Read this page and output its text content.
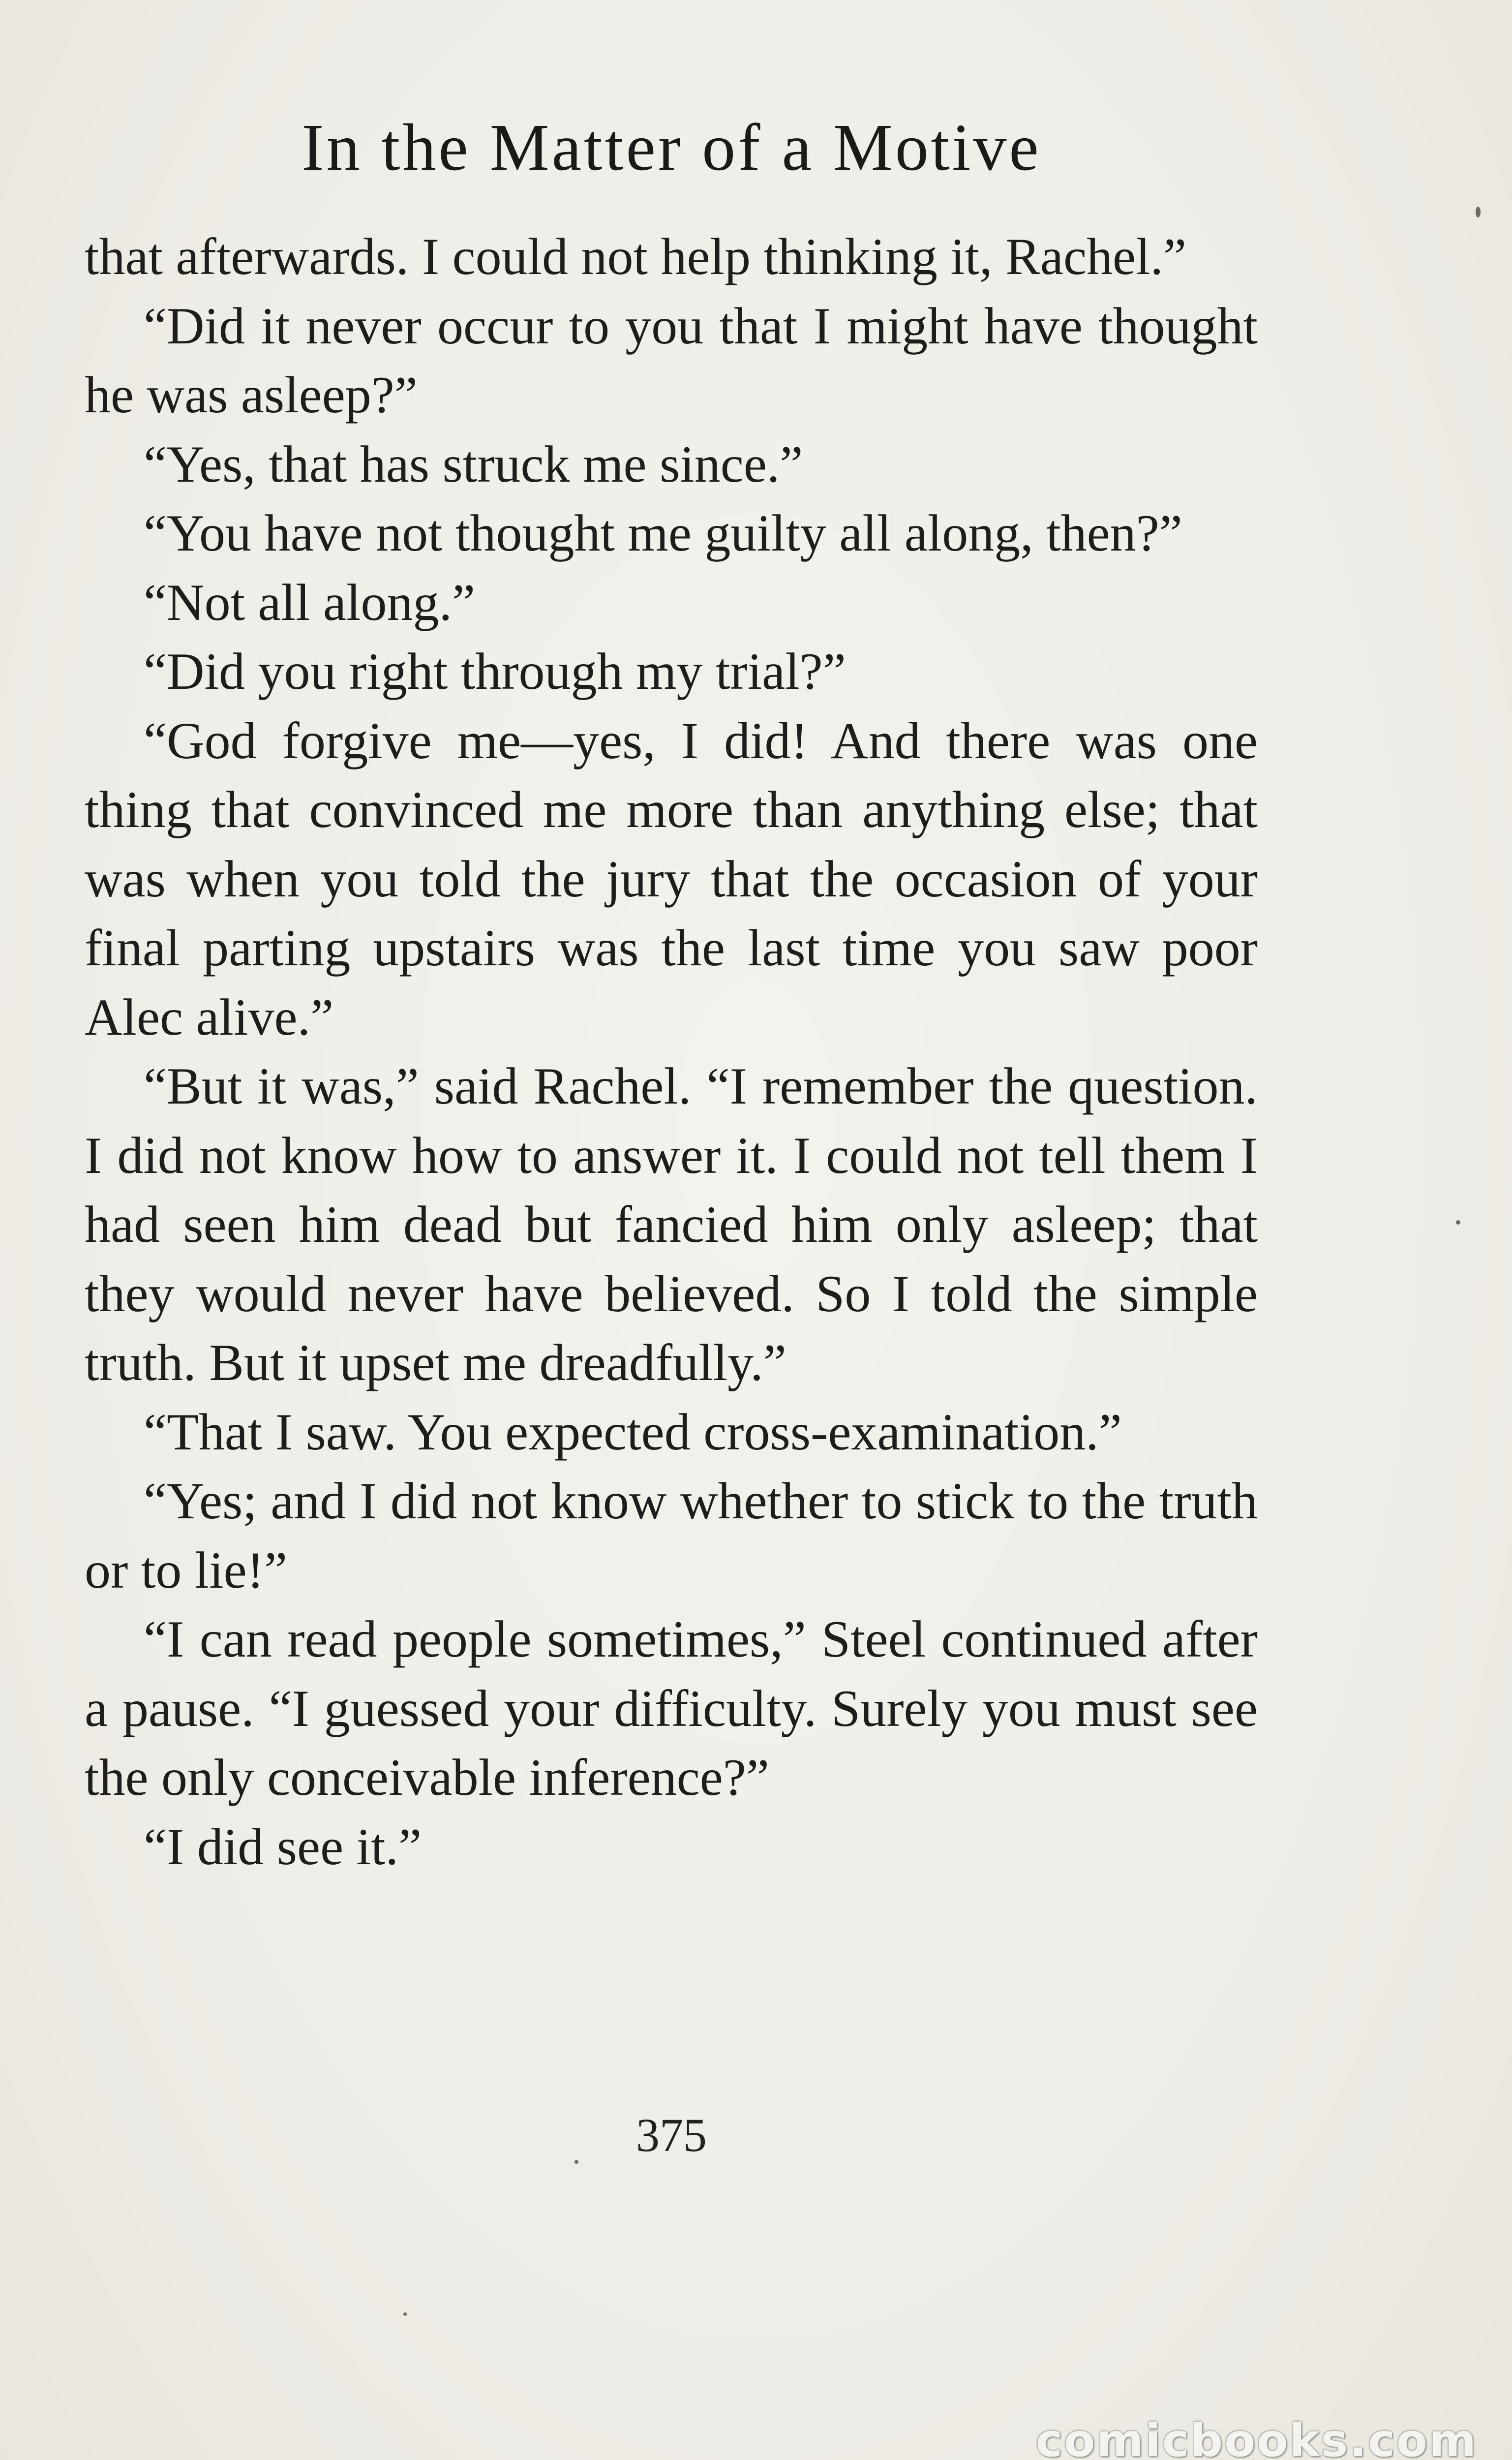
In the Matter of a Motive

that afterwards. I could not help thinking it, Rachel.”

“Did it never occur to you that I might have thought he was asleep?”

“Yes, that has struck me since.”

“You have not thought me guilty all along, then?”

“Not all along.”

“Did you right through my trial?”

“God forgive me—yes, I did! And there was one thing that convinced me more than anything else; that was when you told the jury that the occasion of your final parting upstairs was the last time you saw poor Alec alive.”

“But it was,” said Rachel. “I remember the question. I did not know how to answer it. I could not tell them I had seen him dead but fancied him only asleep; that they would never have believed. So I told the simple truth. But it upset me dreadfully.”

“That I saw. You expected cross-examination.”

“Yes; and I did not know whether to stick to the truth or to lie!”

“I can read people sometimes,” Steel continued after a pause. “I guessed your difficulty. Surely you must see the only conceivable inference?”

“I did see it.”

375
comicbooks.com
